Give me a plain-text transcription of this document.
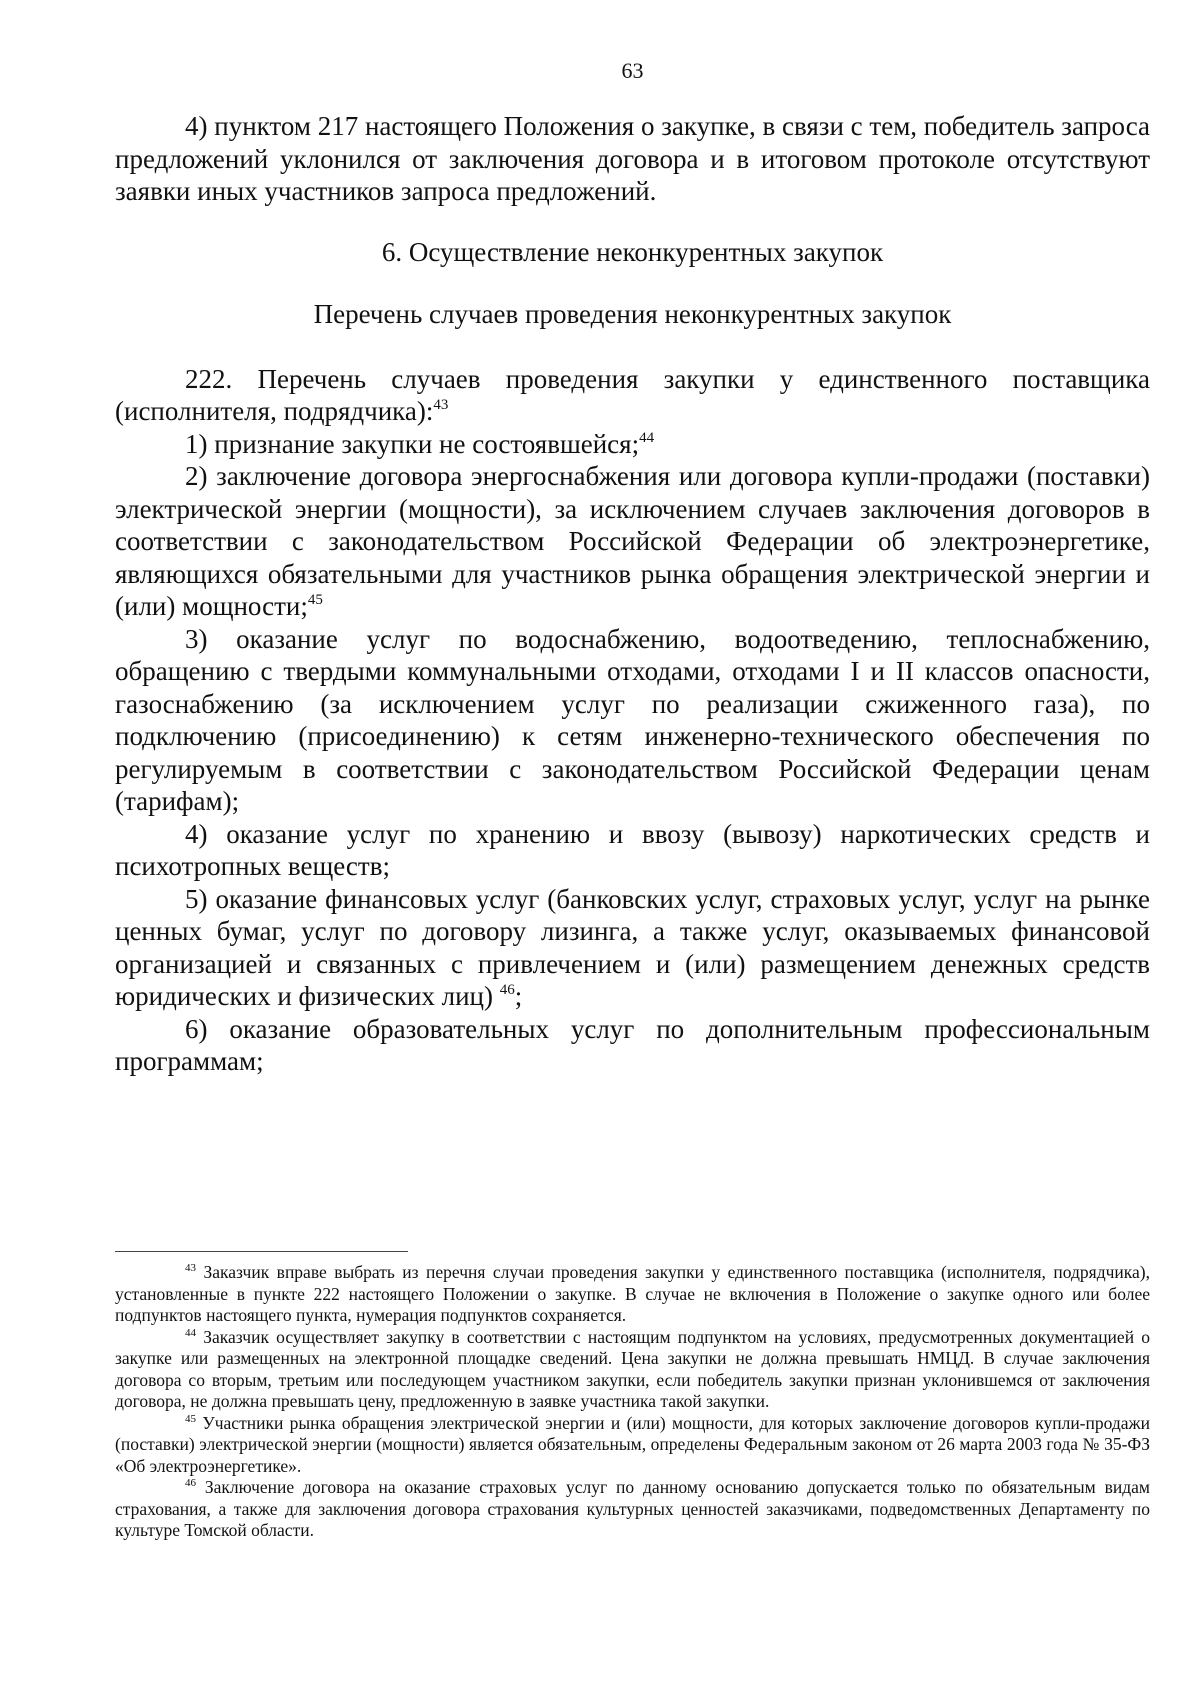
63

4) пунктом 217 настоящего Положения о закупке, в связи с тем, победитель запроса предложений уклонился от заключения договора и в итоговом протоколе отсутствуют заявки иных участников запроса предложений.

6. Осуществление неконкурентных закупок

Перечень случаев проведения неконкурентных закупок

222. Перечень случаев проведения закупки у единственного поставщика (исполнителя, подрядчика):$^{43}$

1) признание закупки не состоявшейся;$^{44}$

2) заключение договора энергоснабжения или договора купли-продажи (поставки) электрической энергии (мощности), за исключением случаев заключения договоров в соответствии с законодательством Российской Федерации об электроэнергетике, являющихся обязательными для участников рынка обращения электрической энергии и (или) мощности;$^{45}$

3) оказание услуг по водоснабжению, водоотведению, теплоснабжению, обращению с твердыми коммунальными отходами, отходами I и II классов опасности, газоснабжению (за исключением услуг по реализации сжиженного газа), по подключению (присоединению) к сетям инженерно-технического обеспечения по регулируемым в соответствии с законодательством Российской Федерации ценам (тарифам);

4) оказание услуг по хранению и ввозу (вывозу) наркотических средств и психотропных веществ;

5) оказание финансовых услуг (банковских услуг, страховых услуг, услуг на рынке ценных бумаг, услуг по договору лизинга, а также услуг, оказываемых финансовой организацией и связанных с привлечением и (или) размещением денежных средств юридических и физических лиц) $^{46}$;

6) оказание образовательных услуг по дополнительным профессиональным программам;

$^{43}$ Заказчик вправе выбрать из перечня случаи проведения закупки у единственного поставщика (исполнителя, подрядчика), установленные в пункте 222 настоящего Положении о закупке. В случае не включения в Положение о закупке одного или более подпунктов настоящего пункта, нумерация подпунктов сохраняется.

$^{44}$ Заказчик осуществляет закупку в соответствии с настоящим подпунктом на условиях, предусмотренных документацией о закупке или размещенных на электронной площадке сведений. Цена закупки не должна превышать НМЦД. В случае заключения договора со вторым, третьим или последующем участником закупки, если победитель закупки признан уклонившемся от заключения договора, не должна превышать цену, предложенную в заявке участника такой закупки.

$^{45}$ Участники рынка обращения электрической энергии и (или) мощности, для которых заключение договоров купли-продажи (поставки) электрической энергии (мощности) является обязательным, определены Федеральным законом от 26 марта 2003 года № 35-ФЗ «Об электроэнергетике».

$^{46}$ Заключение договора на оказание страховых услуг по данному основанию допускается только по обязательным видам страхования, а также для заключения договора страхования культурных ценностей заказчиками, подведомственных Департаменту по культуре Томской области.
